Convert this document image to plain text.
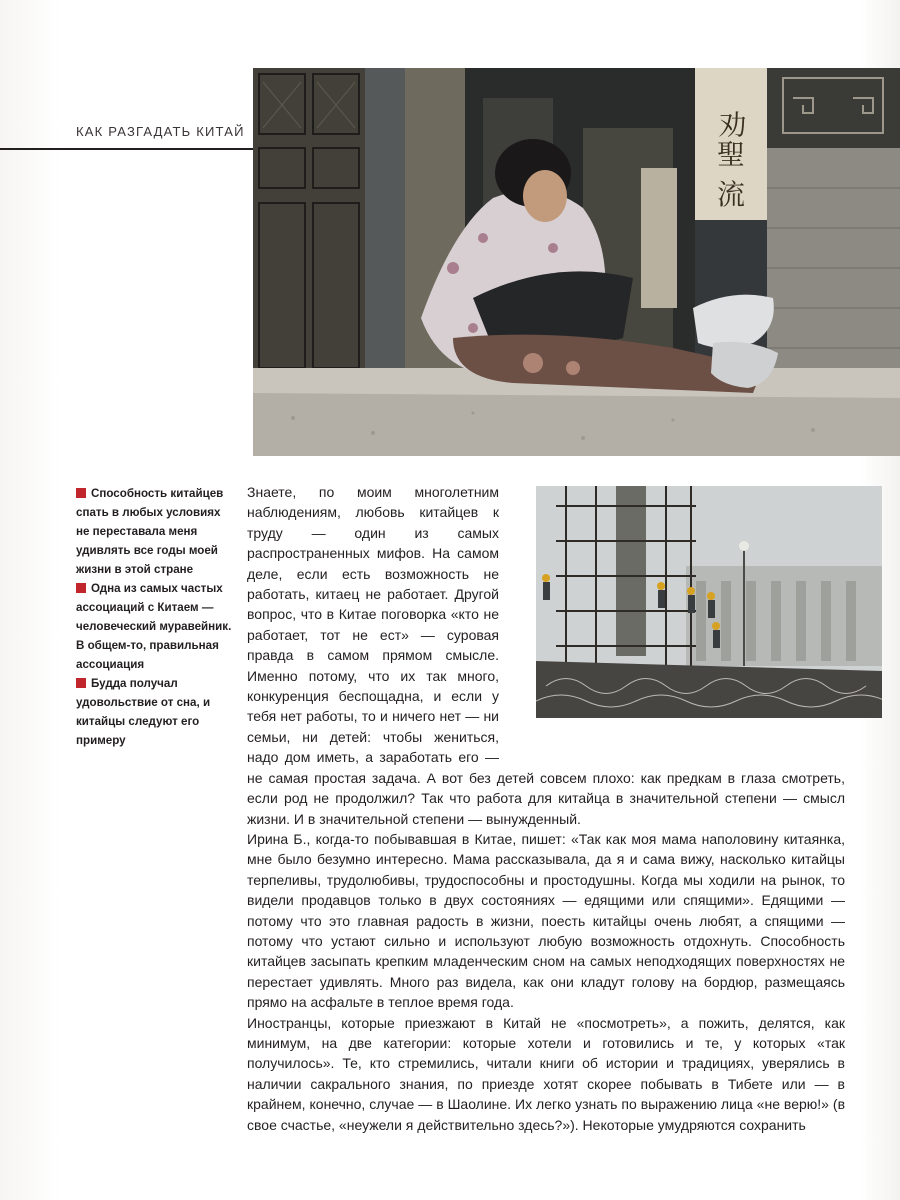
КАК РАЗГАДАТЬ КИТАЙ	劝
聖
流

Способность китайцев спать в любых условиях не переставала меня удивлять все годы моей жизни в этой стране

Одна из самых частых ассоциаций с Китаем — человеческий муравейник. В общем-то, правильная ассоциация

Будда получал удовольствие от сна, и китайцы следуют его примеру

Знаете, по моим многолетним наблюдениям, любовь китайцев к труду — один из самых распространенных мифов. На самом деле, если есть возможность не работать, китаец не работает. Другой вопрос, что в Китае поговорка «кто не работает, тот не ест» — суровая правда в самом прямом смысле. Именно потому, что их так много, конкуренция беспощадна, и если у тебя нет работы, то и ничего нет — ни семьи, ни детей: чтобы жениться, надо дом иметь, а заработать его — не самая простая задача. А вот без детей совсем плохо: как предкам в глаза смотреть, если род не продолжил? Так что работа для китайца в значительной степени — смысл жизни. И в значительной степени — вынужденный.

Ирина Б., когда-то побывавшая в Китае, пишет: «Так как моя мама наполовину китаянка, мне было безумно интересно. Мама рассказывала, да я и сама вижу, насколько китайцы терпеливы, трудолюбивы, трудоспособны и простодушны. Когда мы ходили на рынок, то видели продавцов только в двух состояниях — едящими или спящими». Едящими — потому что это главная радость в жизни, поесть китайцы очень любят, а спящими — потому что устают сильно и используют любую возможность отдохнуть. Способность китайцев засыпать крепким младенческим сном на самых неподходящих поверхностях не перестает удивлять. Много раз видела, как они кладут голову на бордюр, размещаясь прямо на асфальте в теплое время года.

Иностранцы, которые приезжают в Китай не «посмотреть», а пожить, делятся, как минимум, на две категории: которые хотели и готовились и те, у которых «так получилось». Те, кто стремились, читали книги об истории и традициях, уверялись в наличии сакрального знания, по приезде хотят скорее побывать в Тибете или — в крайнем, конечно, случае — в Шаолине. Их легко узнать по выражению лица «не верю!» (в свое счастье, «неужели я действительно здесь?»). Некоторые умудряются сохранить
